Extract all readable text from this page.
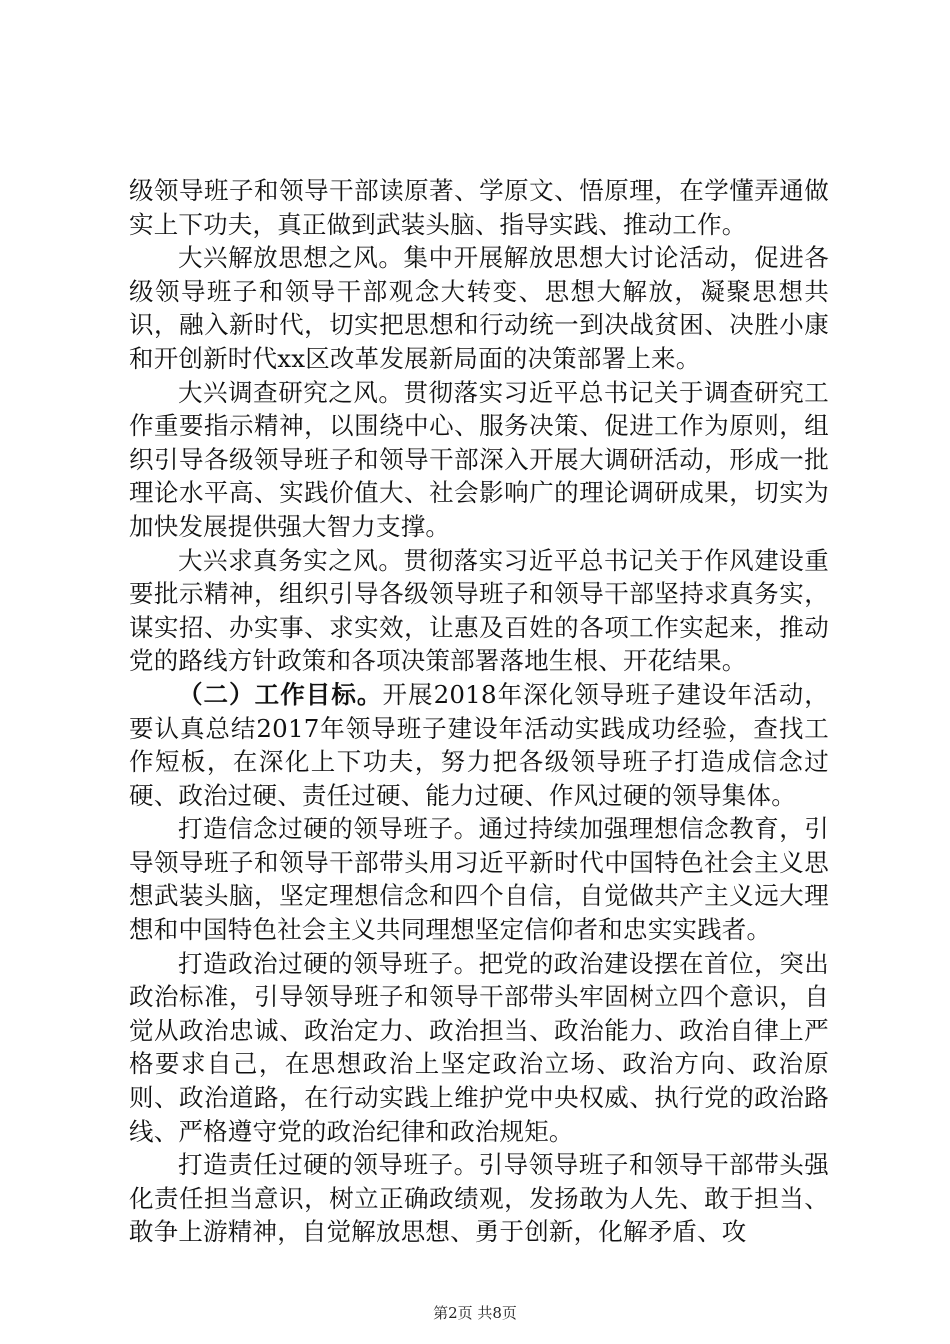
级领导班子和领导干部读原著、学原文、悟原理，在学懂弄通做实上下功夫，真正做到武装头脑、指导实践、推动工作。

大兴解放思想之风。集中开展解放思想大讨论活动，促进各级领导班子和领导干部观念大转变、思想大解放，凝聚思想共识，融入新时代，切实把思想和行动统一到决战贫困、决胜小康和开创新时代xx区改革发展新局面的决策部署上来。

大兴调查研究之风。贯彻落实习近平总书记关于调查研究工作重要指示精神，以围绕中心、服务决策、促进工作为原则，组织引导各级领导班子和领导干部深入开展大调研活动，形成一批理论水平高、实践价值大、社会影响广的理论调研成果，切实为加快发展提供强大智力支撑。

大兴求真务实之风。贯彻落实习近平总书记关于作风建设重要批示精神，组织引导各级领导班子和领导干部坚持求真务实，谋实招、办实事、求实效，让惠及百姓的各项工作实起来，推动党的路线方针政策和各项决策部署落地生根、开花结果。

（二）工作目标。开展2018年深化领导班子建设年活动，要认真总结2017年领导班子建设年活动实践成功经验，查找工作短板，在深化上下功夫，努力把各级领导班子打造成信念过硬、政治过硬、责任过硬、能力过硬、作风过硬的领导集体。

打造信念过硬的领导班子。通过持续加强理想信念教育，引导领导班子和领导干部带头用习近平新时代中国特色社会主义思想武装头脑，坚定理想信念和四个自信，自觉做共产主义远大理想和中国特色社会主义共同理想坚定信仰者和忠实实践者。

打造政治过硬的领导班子。把党的政治建设摆在首位，突出政治标准，引导领导班子和领导干部带头牢固树立四个意识，自觉从政治忠诚、政治定力、政治担当、政治能力、政治自律上严格要求自己，在思想政治上坚定政治立场、政治方向、政治原则、政治道路，在行动实践上维护党中央权威、执行党的政治路线、严格遵守党的政治纪律和政治规矩。

打造责任过硬的领导班子。引导领导班子和领导干部带头强化责任担当意识，树立正确政绩观，发扬敢为人先、敢于担当、敢争上游精神，自觉解放思想、勇于创新，化解矛盾、攻

第2页 共8页
